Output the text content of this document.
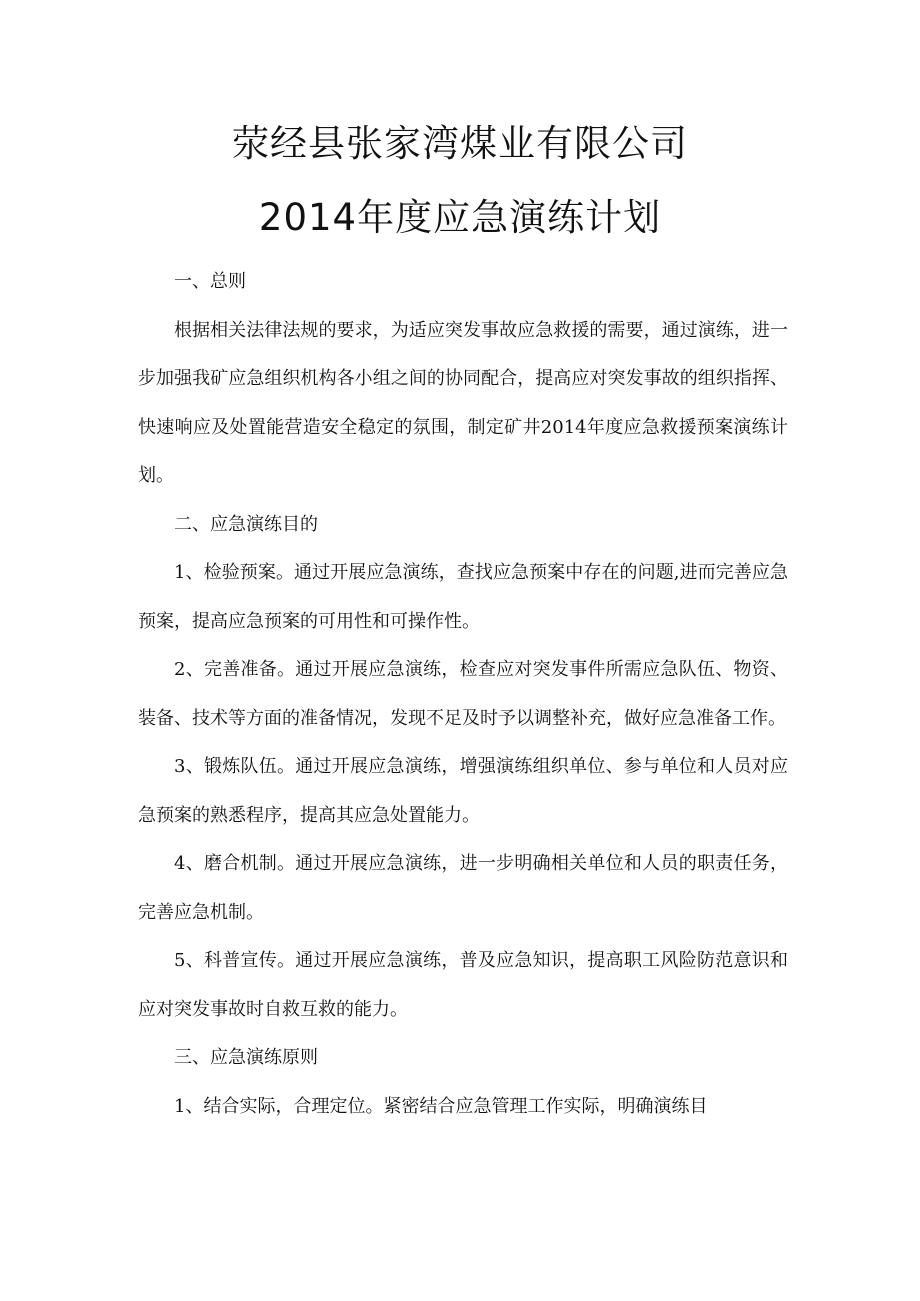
荥经县张家湾煤业有限公司
2014年度应急演练计划

一、总则

根据相关法律法规的要求，为适应突发事故应急救援的需要，通过演练，进一步加强我矿应急组织机构各小组之间的协同配合，提高应对突发事故的组织指挥、快速响应及处置能营造安全稳定的氛围，制定矿井2014年度应急救援预案演练计划。

二、应急演练目的

1、检验预案。通过开展应急演练，查找应急预案中存在的问题,进而完善应急预案，提高应急预案的可用性和可操作性。

2、完善准备。通过开展应急演练，检查应对突发事件所需应急队伍、物资、装备、技术等方面的准备情况，发现不足及时予以调整补充，做好应急准备工作。

3、锻炼队伍。通过开展应急演练，增强演练组织单位、参与单位和人员对应急预案的熟悉程序，提高其应急处置能力。

4、磨合机制。通过开展应急演练，进一步明确相关单位和人员的职责任务，完善应急机制。

5、科普宣传。通过开展应急演练，普及应急知识，提高职工风险防范意识和应对突发事故时自救互救的能力。

三、应急演练原则

1、结合实际，合理定位。紧密结合应急管理工作实际，明确演练目
